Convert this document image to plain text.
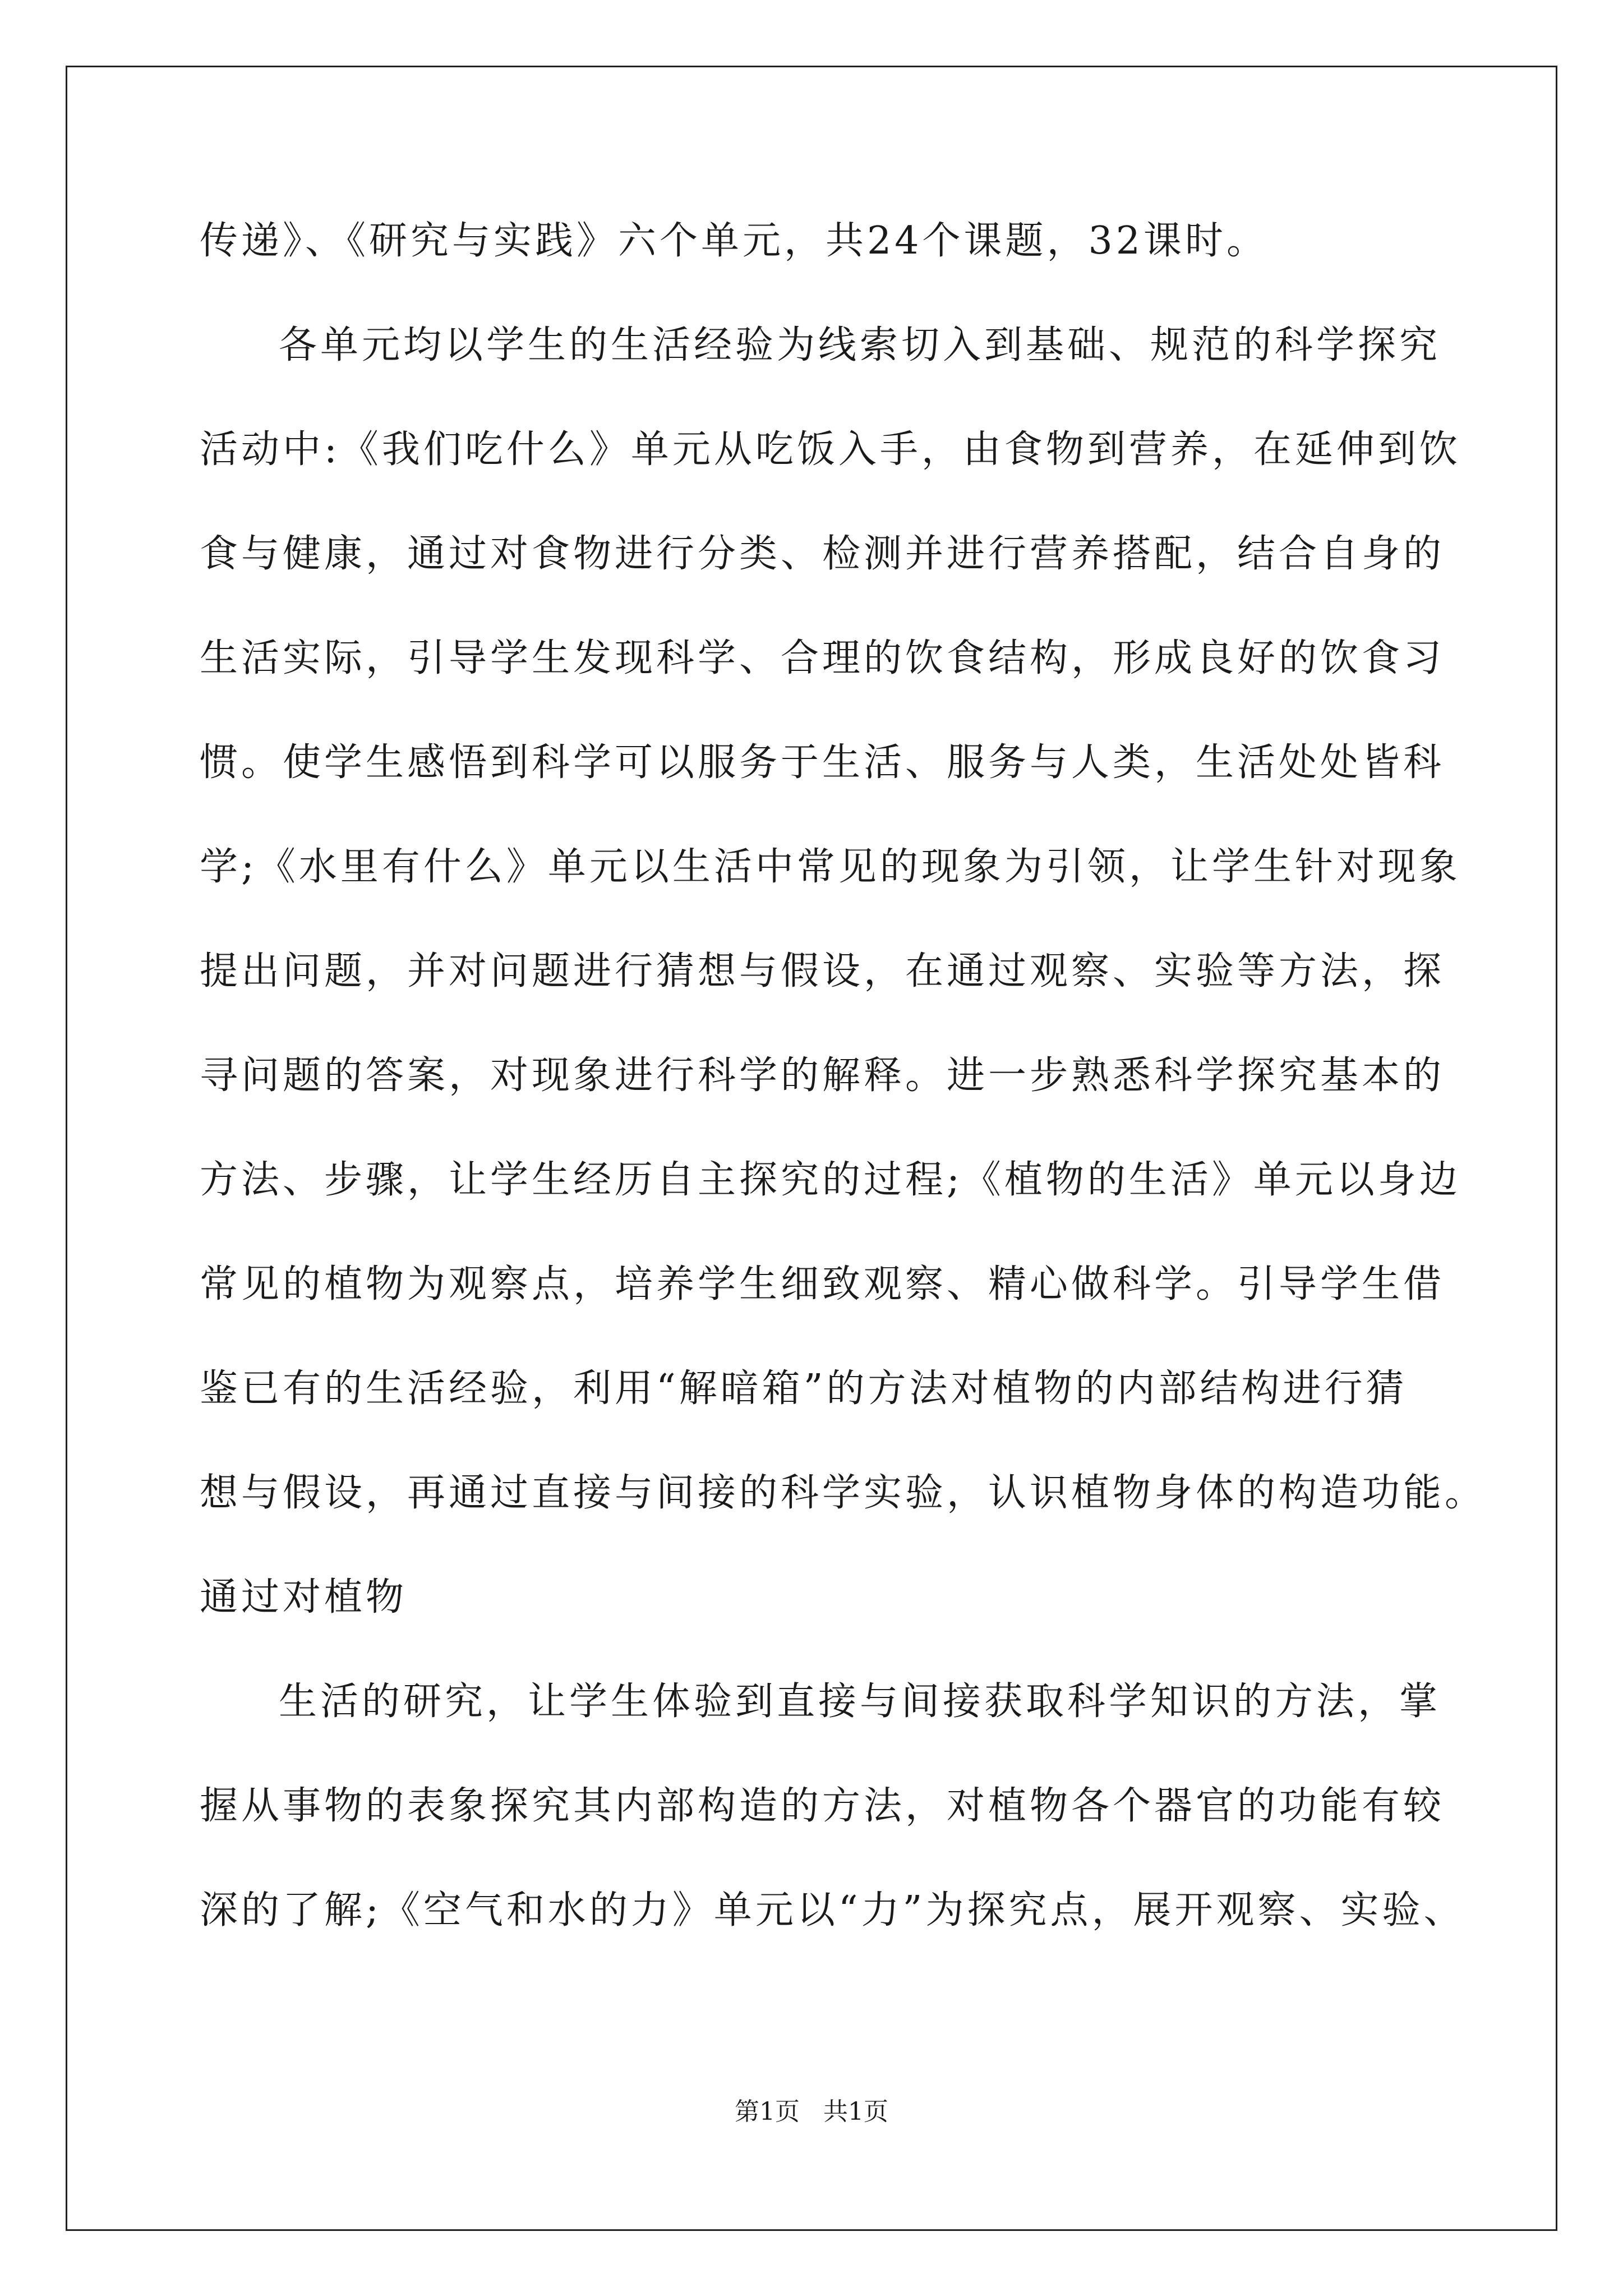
传递》、《研究与实践》六个单元，共24个课题，32课时。
各单元均以学生的生活经验为线索切入到基础、规范的科学探究
活动中:《我们吃什么》单元从吃饭入手，由食物到营养，在延伸到饮
食与健康，通过对食物进行分类、检测并进行营养搭配，结合自身的
生活实际，引导学生发现科学、合理的饮食结构，形成良好的饮食习
惯。使学生感悟到科学可以服务于生活、服务与人类，生活处处皆科
学;《水里有什么》单元以生活中常见的现象为引领，让学生针对现象
提出问题，并对问题进行猜想与假设，在通过观察、实验等方法，探
寻问题的答案，对现象进行科学的解释。进一步熟悉科学探究基本的
方法、步骤，让学生经历自主探究的过程;《植物的生活》单元以身边
常见的植物为观察点，培养学生细致观察、精心做科学。引导学生借
鉴已有的生活经验，利用“解暗箱”的方法对植物的内部结构进行猜
想与假设，再通过直接与间接的科学实验，认识植物身体的构造功能。
通过对植物
生活的研究，让学生体验到直接与间接获取科学知识的方法，掌
握从事物的表象探究其内部构造的方法，对植物各个器官的功能有较
深的了解;《空气和水的力》单元以“力”为探究点，展开观察、实验、
第1页   共1页
